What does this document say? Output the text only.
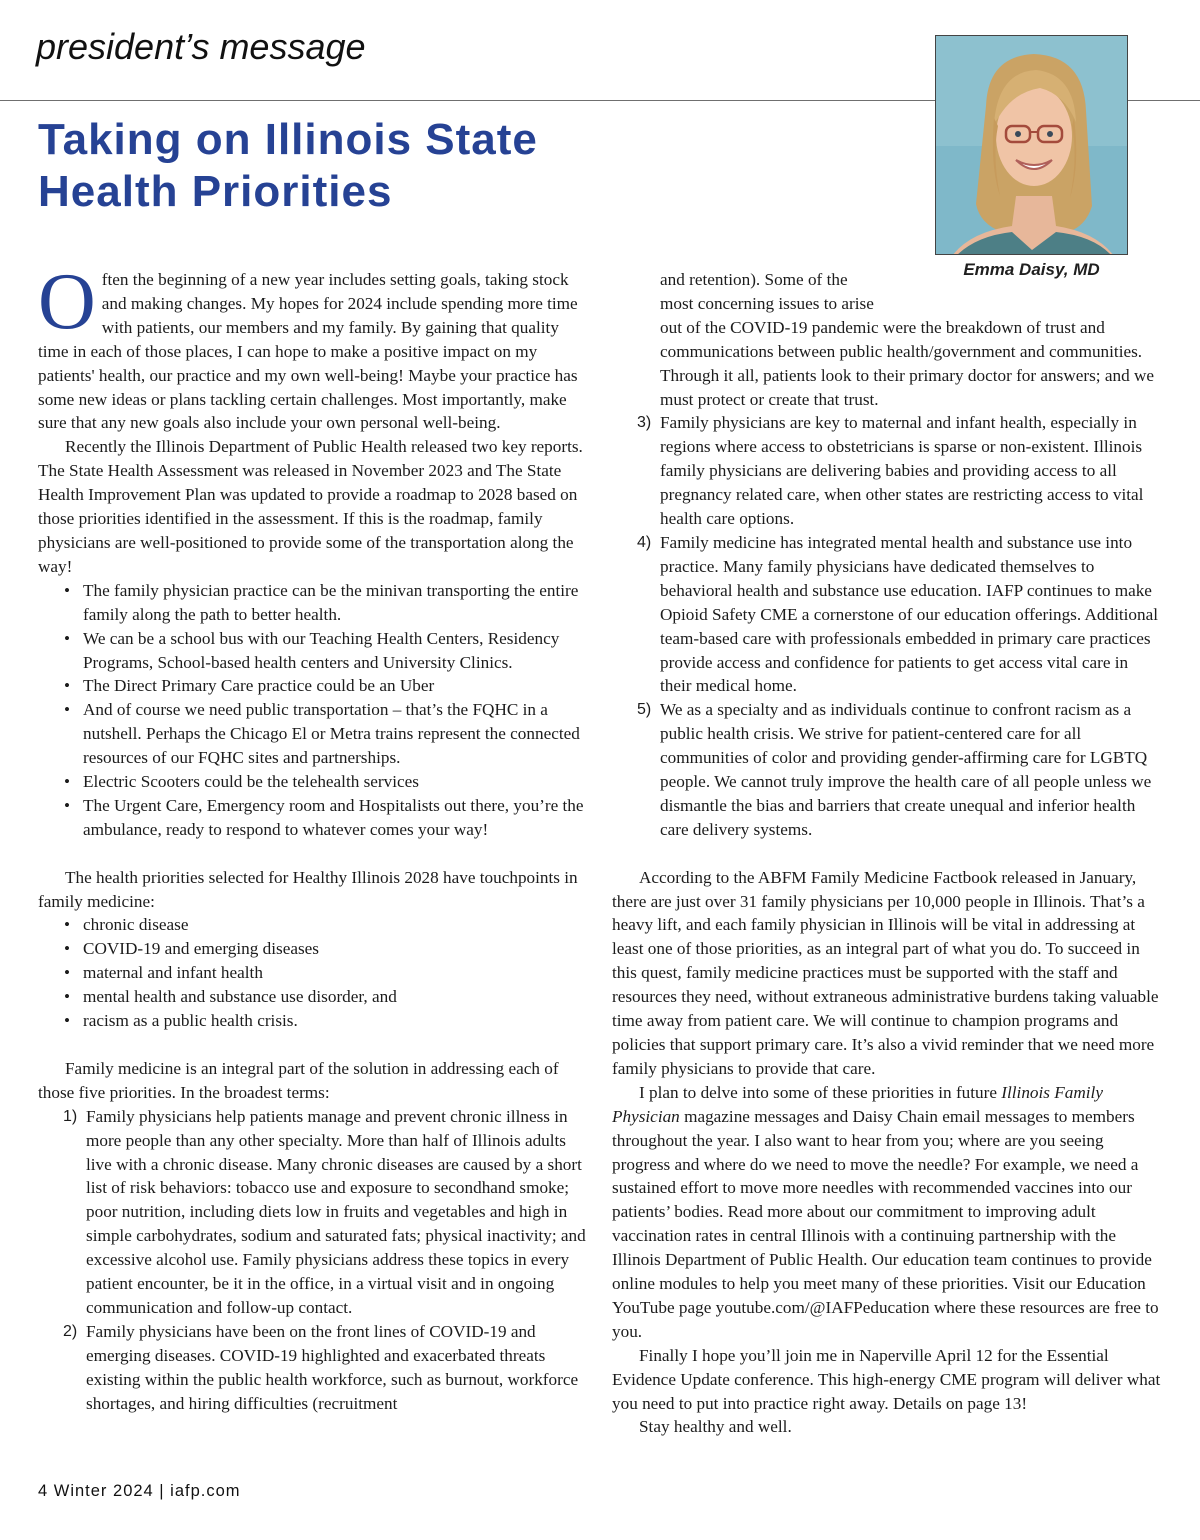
president’s message
Taking on Illinois State
Health Priorities
Emma Daisy, MD

Often the beginning of a new year includes setting goals, taking stock and making changes. My hopes for 2024 include spending more time with patients, our members and my family. By gaining that quality time in each of those places, I can hope to make a positive impact on my patients' health, our practice and my own well-being! Maybe your practice has some new ideas or plans tackling certain challenges. Most importantly, make sure that any new goals also include your own personal well-being.

Recently the Illinois Department of Public Health released two key reports. The State Health Assessment was released in November 2023 and The State Health Improvement Plan was updated to provide a roadmap to 2028 based on those priorities identified in the assessment. If this is the roadmap, family physicians are well-positioned to provide some of the transportation along the way!

• The family physician practice can be the minivan transporting the entire family along the path to better health.
• We can be a school bus with our Teaching Health Centers, Residency Programs, School-based health centers and University Clinics.
• The Direct Primary Care practice could be an Uber
• And of course we need public transportation – that’s the FQHC in a nutshell. Perhaps the Chicago El or Metra trains represent the connected resources of our FQHC sites and partnerships.
• Electric Scooters could be the telehealth services
• The Urgent Care, Emergency room and Hospitalists out there, you’re the ambulance, ready to respond to whatever comes your way!

The health priorities selected for Healthy Illinois 2028 have touchpoints in family medicine:

• chronic disease
• COVID-19 and emerging diseases
• maternal and infant health
• mental health and substance use disorder, and
• racism as a public health crisis.

Family medicine is an integral part of the solution in addressing each of those five priorities. In the broadest terms:

1) Family physicians help patients manage and prevent chronic illness in more people than any other specialty. More than half of Illinois adults live with a chronic disease. Many chronic diseases are caused by a short list of risk behaviors: tobacco use and exposure to secondhand smoke; poor nutrition, including diets low in fruits and vegetables and high in simple carbohydrates, sodium and saturated fats; physical inactivity; and excessive alcohol use. Family physicians address these topics in every patient encounter, be it in the office, in a virtual visit and in ongoing communication and follow-up contact.
2) Family physicians have been on the front lines of COVID-19 and emerging diseases. COVID-19 highlighted and exacerbated threats existing within the public health workforce, such as burnout, workforce shortages, and hiring difficulties (recruitment
and retention). Some of the
most concerning issues to arise
out of the COVID-19 pandemic were the breakdown of trust and communications between public health/government and communities. Through it all, patients look to their primary doctor for answers; and we must protect or create that trust.
3) Family physicians are key to maternal and infant health, especially in regions where access to obstetricians is sparse or non-existent. Illinois family physicians are delivering babies and providing access to all pregnancy related care, when other states are restricting access to vital health care options.
4) Family medicine has integrated mental health and substance use into practice. Many family physicians have dedicated themselves to behavioral health and substance use education. IAFP continues to make Opioid Safety CME a cornerstone of our education offerings. Additional team-based care with professionals embedded in primary care practices provide access and confidence for patients to get access vital care in their medical home.
5) We as a specialty and as individuals continue to confront racism as a public health crisis. We strive for patient-centered care for all communities of color and providing gender-affirming care for LGBTQ people. We cannot truly improve the health care of all people unless we dismantle the bias and barriers that create unequal and inferior health care delivery systems.

According to the ABFM Family Medicine Factbook released in January, there are just over 31 family physicians per 10,000 people in Illinois. That’s a heavy lift, and each family physician in Illinois will be vital in addressing at least one of those priorities, as an integral part of what you do. To succeed in this quest, family medicine practices must be supported with the staff and resources they need, without extraneous administrative burdens taking valuable time away from patient care. We will continue to champion programs and policies that support primary care. It’s also a vivid reminder that we need more family physicians to provide that care.

I plan to delve into some of these priorities in future Illinois Family Physician magazine messages and Daisy Chain email messages to members throughout the year. I also want to hear from you; where are you seeing progress and where do we need to move the needle? For example, we need a sustained effort to move more needles with recommended vaccines into our patients’ bodies. Read more about our commitment to improving adult vaccination rates in central Illinois with a continuing partnership with the Illinois Department of Public Health. Our education team continues to provide online modules to help you meet many of these priorities. Visit our Education YouTube page youtube.com/@IAFPeducation where these resources are free to you.

Finally I hope you’ll join me in Naperville April 12 for the Essential Evidence Update conference. This high-energy CME program will deliver what you need to put into practice right away. Details on page 13!

Stay healthy and well.

4 Winter 2024 | iafp.com
